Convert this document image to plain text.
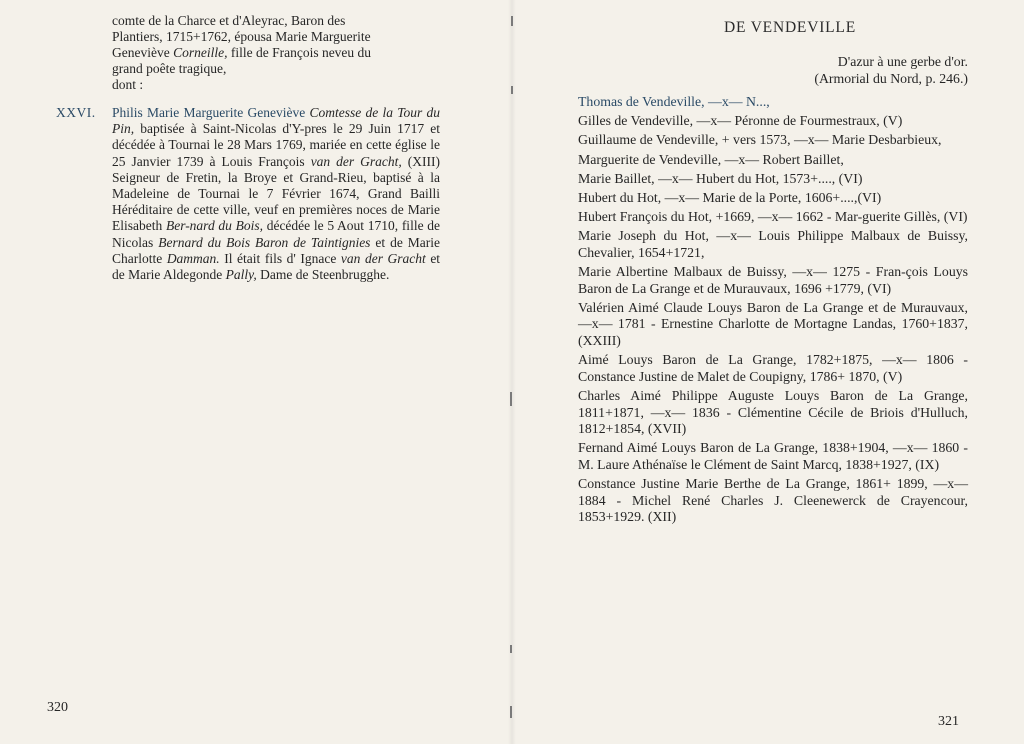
comte de la Charce et d'Aleyrac, Baron des
Plantiers, 1715+1762, épousa Marie Marguerite
Geneviève Corneille, fille de François neveu du
grand poête tragique,
dont :
XXVI.	Philis Marie Marguerite Geneviève Comtesse de la Tour du Pin, baptisée à Saint-Nicolas d'Y-pres le 29 Juin 1717 et décédée à Tournai le 28 Mars 1769, mariée en cette église le 25 Janvier 1739 à Louis François van der Gracht, (XIII) Seigneur de Fretin, la Broye et Grand-Rieu, baptisé à la Madeleine de Tournai le 7 Février 1674, Grand Bailli Héréditaire de cette ville, veuf en premières noces de Marie Elisabeth Ber-nard du Bois, décédée le 5 Aout 1710, fille de Nicolas Bernard du Bois Baron de Taintignies et de Marie Charlotte Damman. Il était fils d' Ignace van der Gracht et de Marie Aldegonde Pally, Dame de Steenbrugghe.
320
DE VENDEVILLE
D'azur à une gerbe d'or.
(Armorial du Nord, p. 246.)
Thomas de Vendeville, —x— N...,
Gilles de Vendeville, —x— Péronne de Fourmestraux, (V)
Guillaume de Vendeville, + vers 1573, —x— Marie Desbarbieux,
Marguerite de Vendeville, —x— Robert Baillet,
Marie Baillet, —x— Hubert du Hot, 1573+...., (VI)
Hubert du Hot, —x— Marie de la Porte, 1606+....,(VI)
Hubert François du Hot, +1669, —x— 1662 - Mar-guerite Gillès, (VI)
Marie Joseph du Hot, —x— Louis Philippe Malbaux de Buissy, Chevalier, 1654+1721,
Marie Albertine Malbaux de Buissy, —x— 1275 - Fran-çois Louys Baron de La Grange et de Murauvaux, 1696 +1779, (VI)
Valérien Aimé Claude Louys Baron de La Grange et de Murauvaux, —x— 1781 - Ernestine Charlotte de Mortagne Landas, 1760+1837, (XXIII)
Aimé Louys Baron de La Grange, 1782+1875, —x— 1806 - Constance Justine de Malet de Coupigny, 1786+ 1870, (V)
Charles Aimé Philippe Auguste Louys Baron de La Grange, 1811+1871, —x— 1836 - Clémentine Cécile de Briois d'Hulluch, 1812+1854, (XVII)
Fernand Aimé Louys Baron de La Grange, 1838+1904, —x— 1860 - M. Laure Athénaïse le Clément de Saint Marcq, 1838+1927, (IX)
Constance Justine Marie Berthe de La Grange, 1861+ 1899, —x— 1884 - Michel René Charles J. Cleenewerck de Crayencour, 1853+1929. (XII)
321
